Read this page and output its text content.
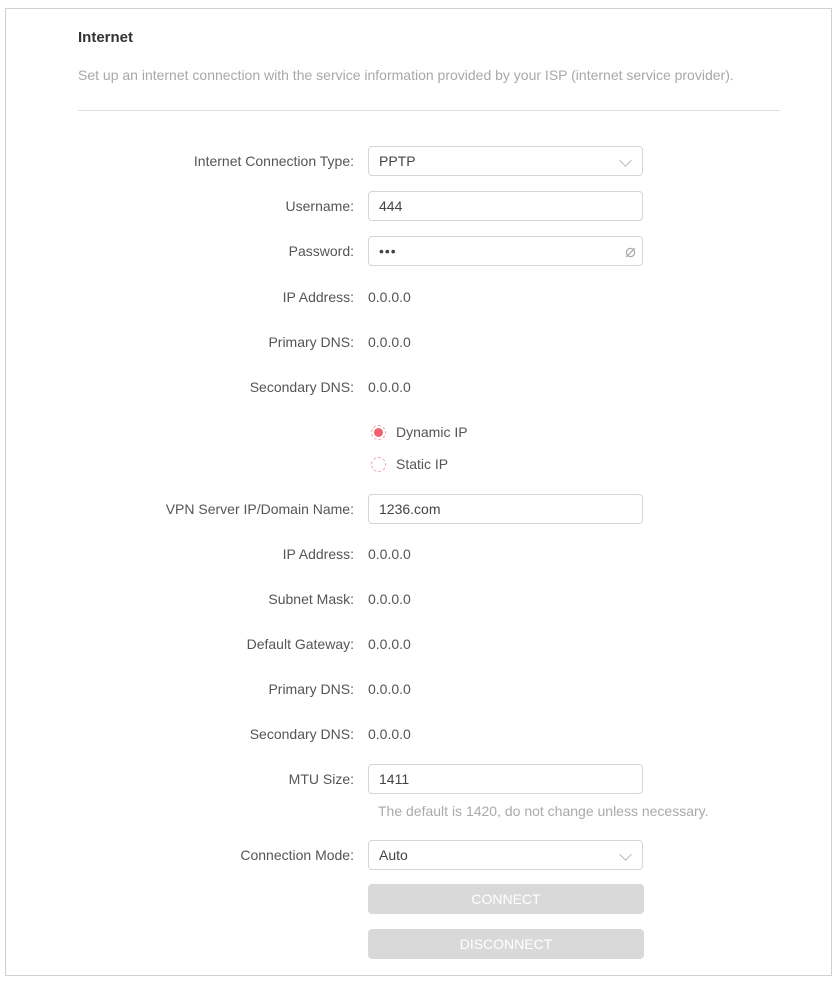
Internet
Set up an internet connection with the service information provided by your ISP (internet service provider).
Internet Connection Type:	PPTP
Username:	444
Password:	•••	⌀
IP Address: 0.0.0.0
Primary DNS: 0.0.0.0
Secondary DNS: 0.0.0.0
Dynamic IP
Static IP
VPN Server IP/Domain Name:	1236.com
IP Address: 0.0.0.0
Subnet Mask: 0.0.0.0
Default Gateway: 0.0.0.0
Primary DNS: 0.0.0.0
Secondary DNS: 0.0.0.0
MTU Size:	1411
The default is 1420, do not change unless necessary.
Connection Mode:	Auto
CONNECT
DISCONNECT
